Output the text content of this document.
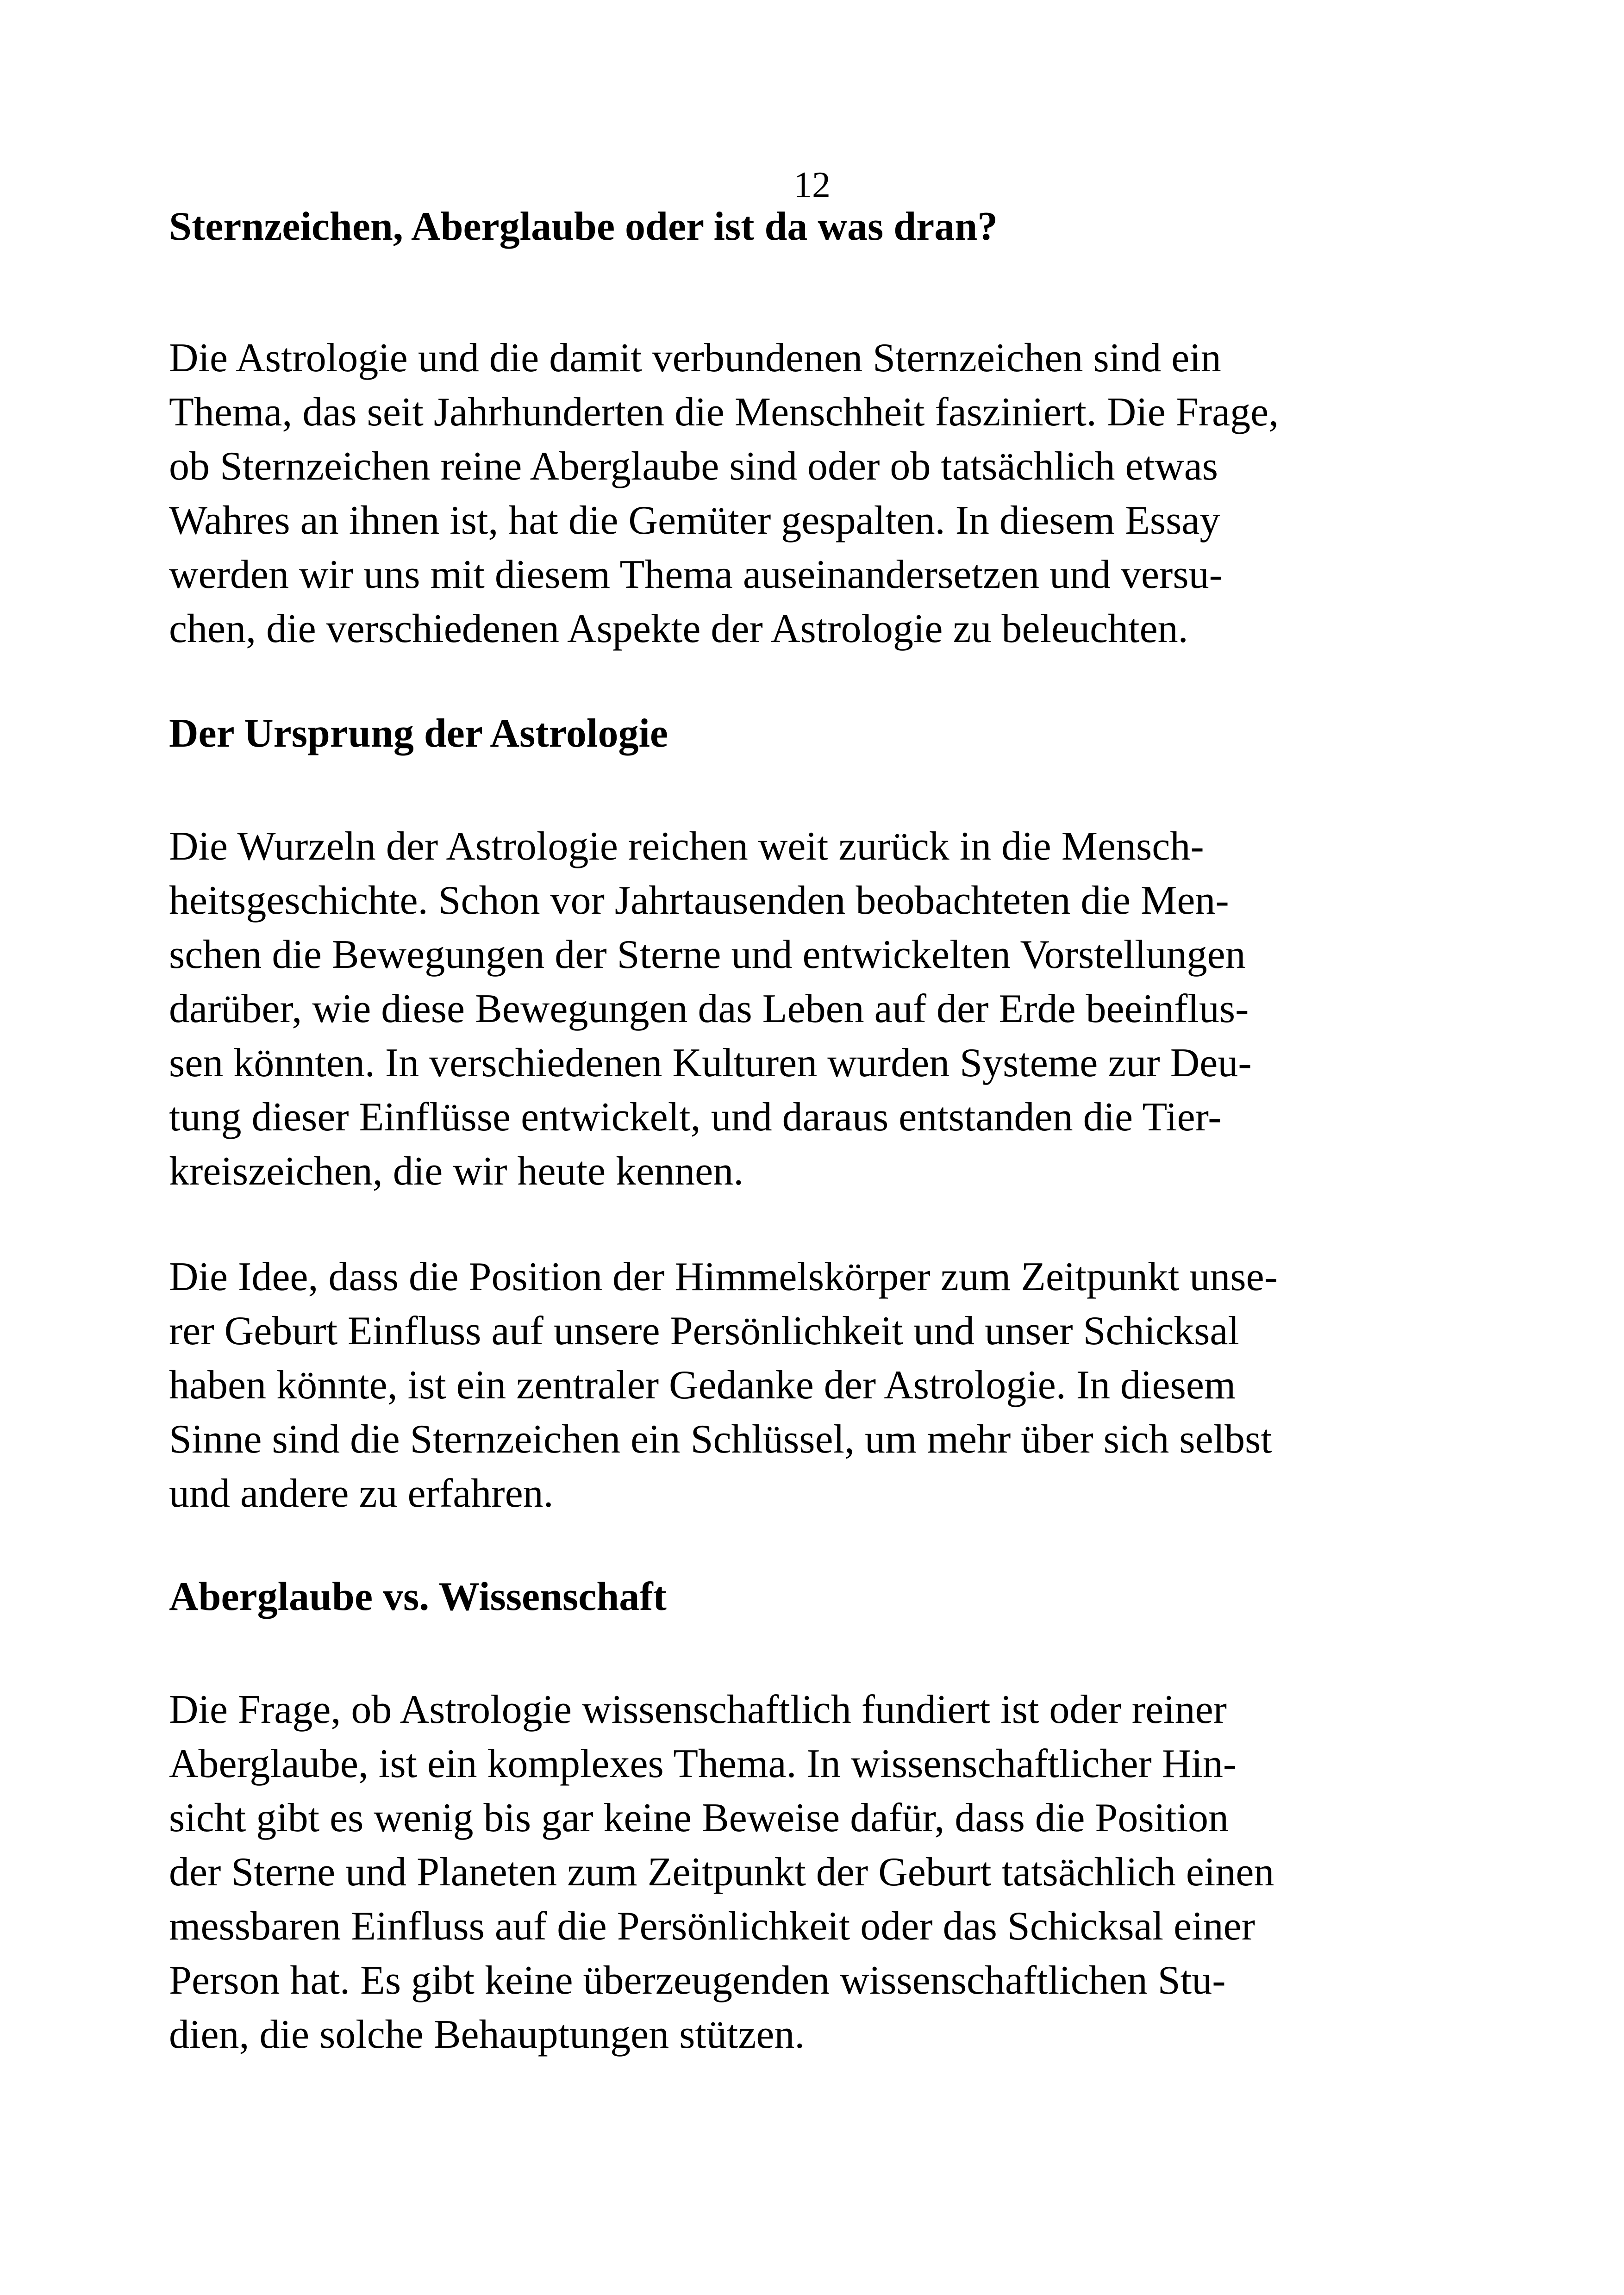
12
Sternzeichen, Aberglaube oder ist da was dran?
Die Astrologie und die damit verbundenen Sternzeichen sind ein
Thema, das seit Jahrhunderten die Menschheit fasziniert. Die Frage,
ob Sternzeichen reine Aberglaube sind oder ob tatsächlich etwas
Wahres an ihnen ist, hat die Gemüter gespalten. In diesem Essay
werden wir uns mit diesem Thema auseinandersetzen und versu-
chen, die verschiedenen Aspekte der Astrologie zu beleuchten.
Der Ursprung der Astrologie
Die Wurzeln der Astrologie reichen weit zurück in die Mensch-
heitsgeschichte. Schon vor Jahrtausenden beobachteten die Men-
schen die Bewegungen der Sterne und entwickelten Vorstellungen
darüber, wie diese Bewegungen das Leben auf der Erde beeinflus-
sen könnten. In verschiedenen Kulturen wurden Systeme zur Deu-
tung dieser Einflüsse entwickelt, und daraus entstanden die Tier-
kreiszeichen, die wir heute kennen.
Die Idee, dass die Position der Himmelskörper zum Zeitpunkt unse-
rer Geburt Einfluss auf unsere Persönlichkeit und unser Schicksal
haben könnte, ist ein zentraler Gedanke der Astrologie. In diesem
Sinne sind die Sternzeichen ein Schlüssel, um mehr über sich selbst
und andere zu erfahren.
Aberglaube vs. Wissenschaft
Die Frage, ob Astrologie wissenschaftlich fundiert ist oder reiner
Aberglaube, ist ein komplexes Thema. In wissenschaftlicher Hin-
sicht gibt es wenig bis gar keine Beweise dafür, dass die Position
der Sterne und Planeten zum Zeitpunkt der Geburt tatsächlich einen
messbaren Einfluss auf die Persönlichkeit oder das Schicksal einer
Person hat. Es gibt keine überzeugenden wissenschaftlichen Stu-
dien, die solche Behauptungen stützen.
